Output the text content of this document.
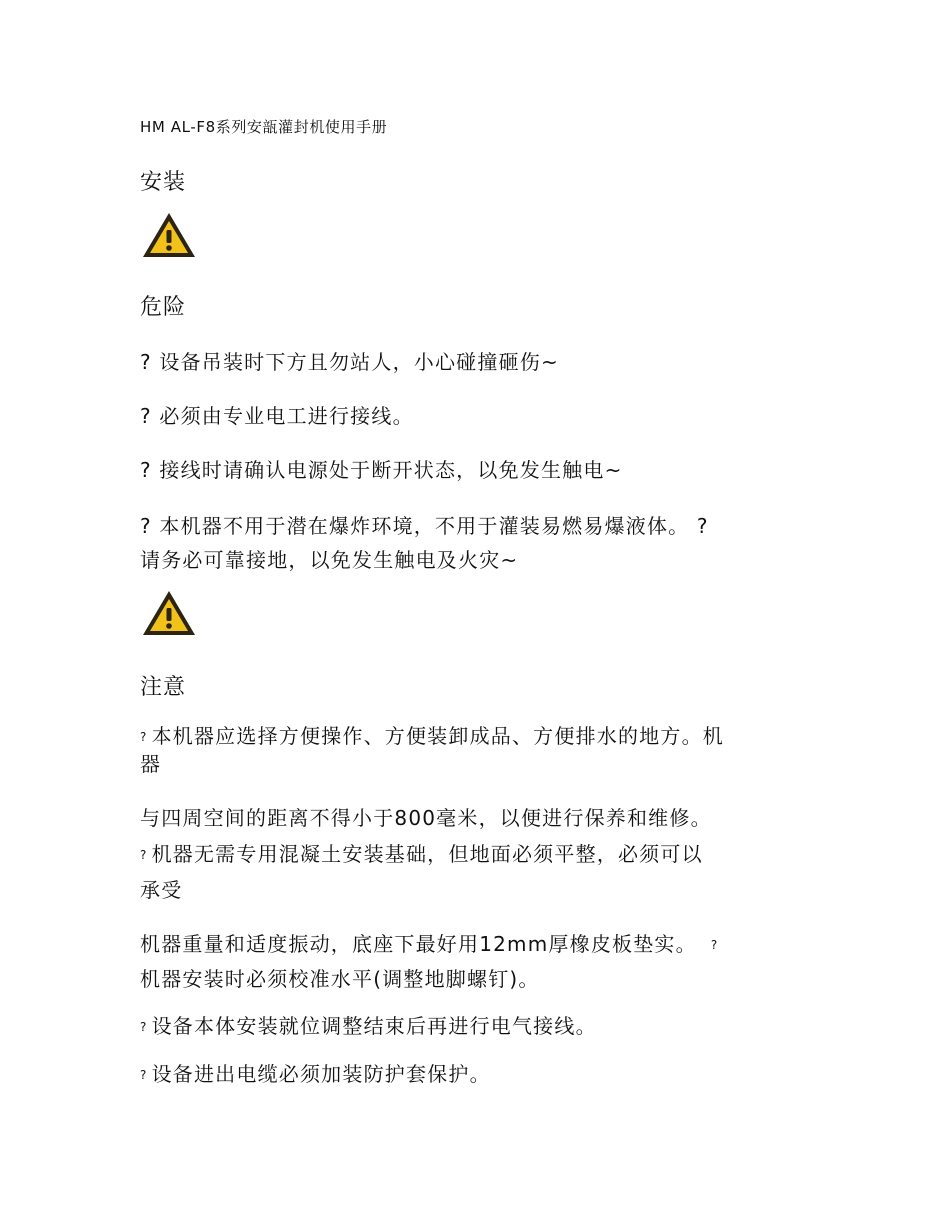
HM AL-F8系列安瓿灌封机使用手册
安装
危险
? 设备吊装时下方且勿站人，小心碰撞砸伤~
? 必须由专业电工进行接线。
? 接线时请确认电源处于断开状态，以免发生触电~
? 本机器不用于潜在爆炸环境，不用于灌装易燃易爆液体。 ?
请务必可靠接地，以免发生触电及火灾~
注意
? 本机器应选择方便操作、方便装卸成品、方便排水的地方。机
器
与四周空间的距离不得小于800毫米，以便进行保养和维修。
? 机器无需专用混凝土安装基础，但地面必须平整，必须可以
承受
机器重量和适度振动，底座下最好用12mm厚橡皮板垫实。 ?
机器安装时必须校准水平(调整地脚螺钉)。
? 设备本体安装就位调整结束后再进行电气接线。
? 设备进出电缆必须加装防护套保护。
